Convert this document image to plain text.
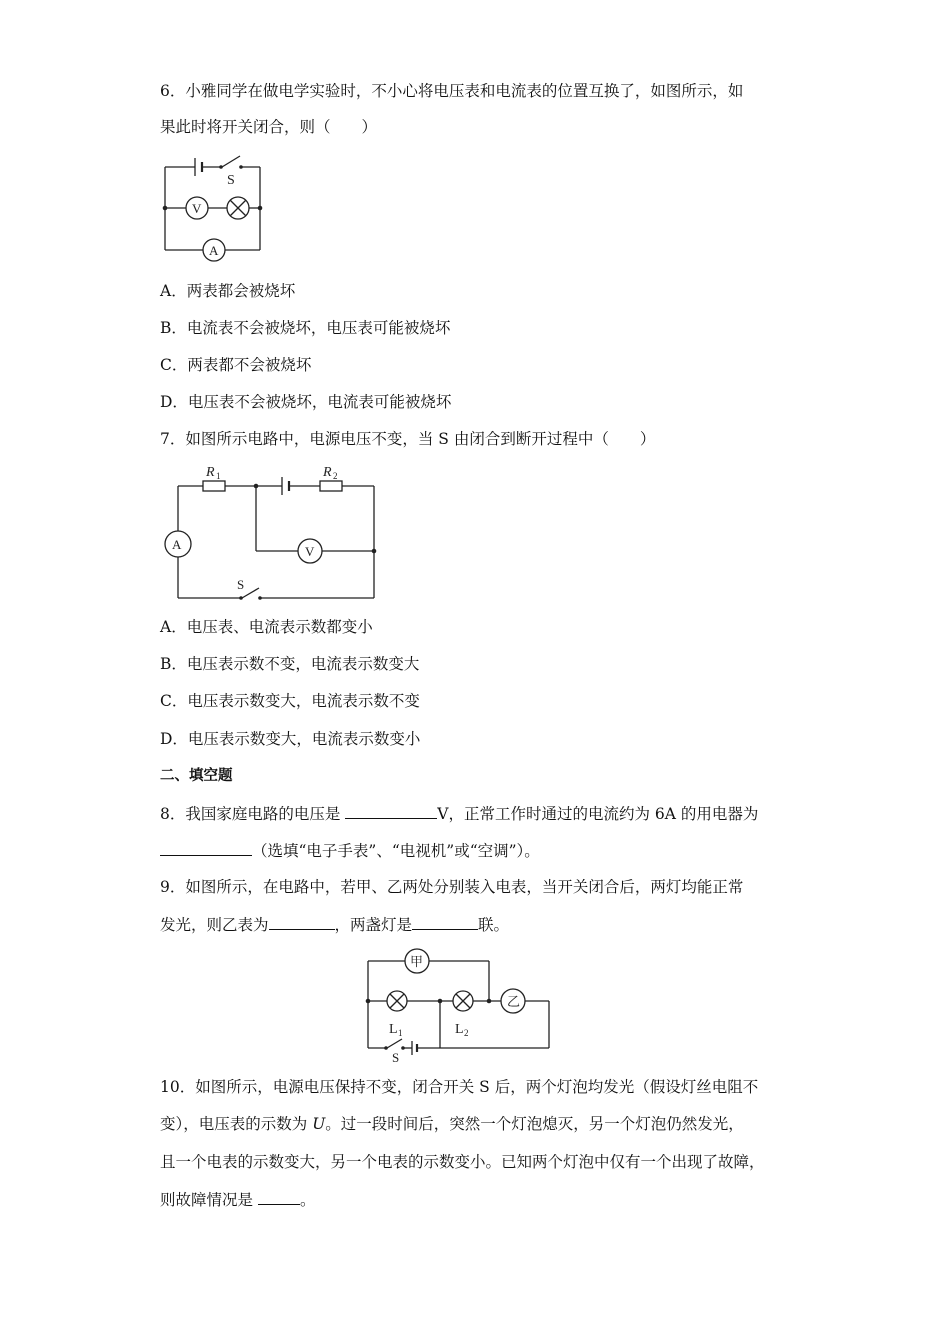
6．小雅同学在做电学实验时，不小心将电压表和电流表的位置互换了，如图所示，如
果此时将开关闭合，则（　　）
S
V
A
A．两表都会被烧坏
B．电流表不会被烧坏，电压表可能被烧坏
C．两表都不会被烧坏
D．电压表不会被烧坏，电流表可能被烧坏
7．如图所示电路中，电源电压不变，当 S 由闭合到断开过程中（　　）
R 1	R 2
A	V
S
A．电压表、电流表示数都变小
B．电压表示数不变，电流表示数变大
C．电压表示数变大，电流表示数不变
D．电压表示数变大，电流表示数变小
二、填空题
8．我国家庭电路的电压是	V，正常工作时通过的电流约为 6A 的用电器为
（选填“电子手表”、“电视机”或“空调”）。
9．如图所示，在电路中，若甲、乙两处分别装入电表，当开关闭合后，两灯均能正常
发光，则乙表为	，两盏灯是	联。
甲
乙
L 1	L 2
S
10．如图所示，电源电压保持不变，闭合开关 S 后，两个灯泡均发光（假设灯丝电阻不
变），电压表的示数为 U。过一段时间后，突然一个灯泡熄灭，另一个灯泡仍然发光，
且一个电表的示数变大，另一个电表的示数变小。已知两个灯泡中仅有一个出现了故障，
则故障情况是	。
